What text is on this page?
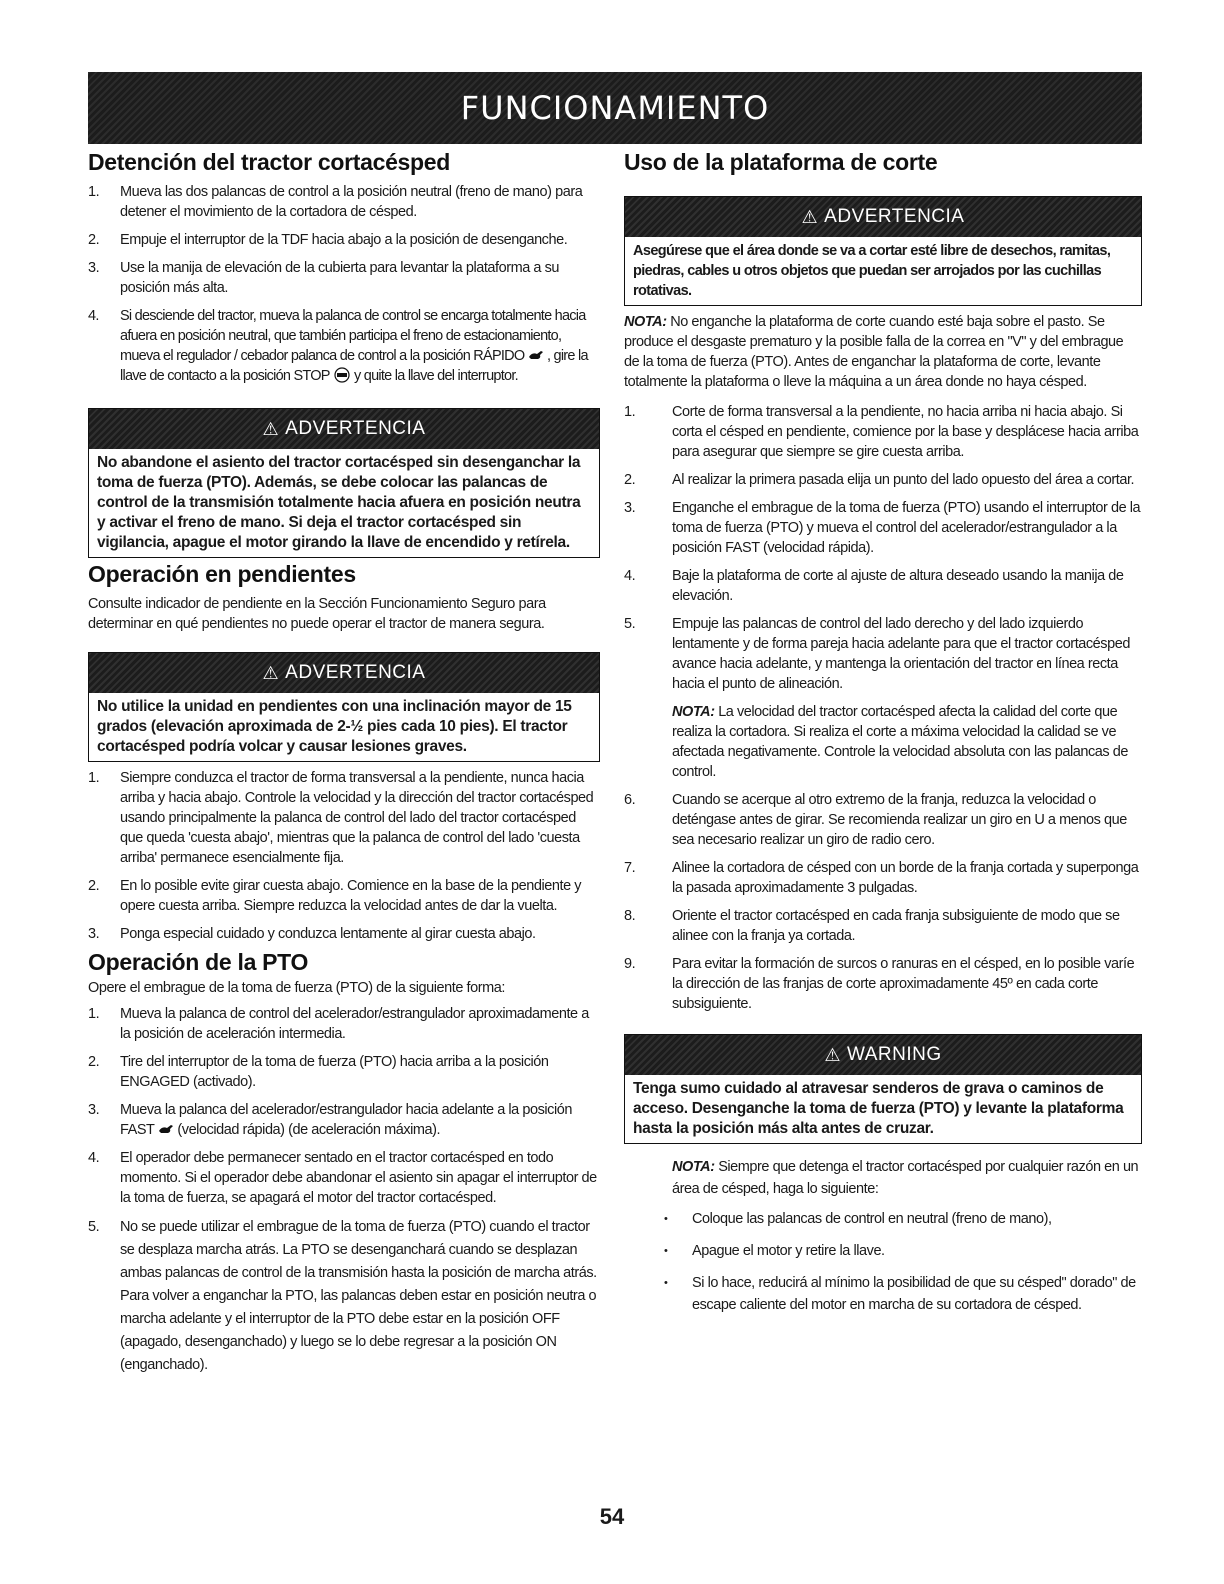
FUNCIONAMIENTO
Detención del tractor cortacésped
1. Mueva las dos palancas de control a la posición neutral (freno de mano) para detener el movimiento de la cortadora de césped.
2. Empuje el interruptor de la TDF hacia abajo a la posición de desenganche.
3. Use la manija de elevación de la cubierta para levantar la plataforma a su posición más alta.
4. Si desciende del tractor, mueva la palanca de control se encarga totalmente hacia afuera en posición neutral, que también participa el freno de estacionamiento, mueva el regulador / cebador palanca de control a la posición RÁPIDO , gire la llave de contacto a la posición STOP y quite la llave del interruptor.
⚠ ADVERTENCIA
No abandone el asiento del tractor cortacésped sin desenganchar la toma de fuerza (PTO). Además, se debe colocar las palancas de control de la transmisión totalmente hacia afuera en posición neutra y activar el freno de mano. Si deja el tractor cortacésped sin vigilancia, apague el motor girando la llave de encendido y retírela.
Operación en pendientes

Consulte indicador de pendiente en la Sección Funcionamiento Seguro para determinar en qué pendientes no puede operar el tractor de manera segura.

⚠ ADVERTENCIA
No utilice la unidad en pendientes con una inclinación mayor de 15 grados (elevación aproximada de 2-½ pies cada 10 pies). El tractor cortacésped podría volcar y causar lesiones graves.
1. Siempre conduzca el tractor de forma transversal a la pendiente, nunca hacia arriba y hacia abajo. Controle la velocidad y la dirección del tractor cortacésped usando principalmente la palanca de control del lado del tractor cortacésped que queda 'cuesta abajo', mientras que la palanca de control del lado 'cuesta arriba' permanece esencialmente fija.
2. En lo posible evite girar cuesta abajo. Comience en la base de la pendiente y opere cuesta arriba. Siempre reduzca la velocidad antes de dar la vuelta.
3. Ponga especial cuidado y conduzca lentamente al girar cuesta abajo.
Operación de la PTO

Opere el embrague de la toma de fuerza (PTO) de la siguiente forma:

1. Mueva la palanca de control del acelerador/estrangulador aproximadamente a la posición de aceleración intermedia.
2. Tire del interruptor de la toma de fuerza (PTO) hacia arriba a la posición ENGAGED (activado).
3. Mueva la palanca del acelerador/estrangulador hacia adelante a la posición FAST (velocidad rápida) (de aceleración máxima).
4. El operador debe permanecer sentado en el tractor cortacésped en todo momento. Si el operador debe abandonar el asiento sin apagar el interruptor de la toma de fuerza, se apagará el motor del tractor cortacésped.
5. No se puede utilizar el embrague de la toma de fuerza (PTO) cuando el tractor se desplaza marcha atrás. La PTO se desenganchará cuando se desplazan ambas palancas de control de la transmisión hasta la posición de marcha atrás. Para volver a enganchar la PTO, las palancas deben estar en posición neutra o marcha adelante y el interruptor de la PTO debe estar en la posición OFF (apagado, desenganchado) y luego se lo debe regresar a la posición ON (enganchado).
Uso de la plataforma de corte
⚠ ADVERTENCIA
Asegúrese que el área donde se va a cortar esté libre de desechos, ramitas, piedras, cables u otros objetos que puedan ser arrojados por las cuchillas rotativas.

NOTA: No enganche la plataforma de corte cuando esté baja sobre el pasto. Se produce el desgaste prematuro y la posible falla de la correa en "V" y del embrague de la toma de fuerza (PTO). Antes de enganchar la plataforma de corte, levante totalmente la plataforma o lleve la máquina a un área donde no haya césped.

1.	Corte de forma transversal a la pendiente, no hacia arriba ni hacia abajo. Si corta el césped en pendiente, comience por la base y desplácese hacia arriba para asegurar que siempre se gire cuesta arriba.
2.	Al realizar la primera pasada elija un punto del lado opuesto del área a cortar.
3.	Enganche el embrague de la toma de fuerza (PTO) usando el interruptor de la toma de fuerza (PTO) y mueva el control del acelerador/estrangulador a la posición FAST (velocidad rápida).
4.	Baje la plataforma de corte al ajuste de altura deseado usando la manija de elevación.
5.	Empuje las palancas de control del lado derecho y del lado izquierdo lentamente y de forma pareja hacia adelante para que el tractor cortacésped avance hacia adelante, y mantenga la orientación del tractor en línea recta hacia el punto de alineación.
NOTA: La velocidad del tractor cortacésped afecta la calidad del corte que realiza la cortadora. Si realiza el corte a máxima velocidad la calidad se ve afectada negativamente. Controle la velocidad absoluta con las palancas de control.
6.	Cuando se acerque al otro extremo de la franja, reduzca la velocidad o deténgase antes de girar. Se recomienda realizar un giro en U a menos que sea necesario realizar un giro de radio cero.
7.	Alinee la cortadora de césped con un borde de la franja cortada y superponga la pasada aproximadamente 3 pulgadas.
8.	Oriente el tractor cortacésped en cada franja subsiguiente de modo que se alinee con la franja ya cortada.
9.	Para evitar la formación de surcos o ranuras en el césped, en lo posible varíe la dirección de las franjas de corte aproximadamente 45º en cada corte subsiguiente.
⚠ WARNING
Tenga sumo cuidado al atravesar senderos de grava o caminos de acceso. Desenganche la toma de fuerza (PTO) y levante la plataforma hasta la posición más alta antes de cruzar.
NOTA: Siempre que detenga el tractor cortacésped por cualquier razón en un área de césped, haga lo siguiente:
• Coloque las palancas de control en neutral (freno de mano),
• Apague el motor y retire la llave.
• Si lo hace, reducirá al mínimo la posibilidad de que su césped" dorado" de escape caliente del motor en marcha de su cortadora de césped.
54
